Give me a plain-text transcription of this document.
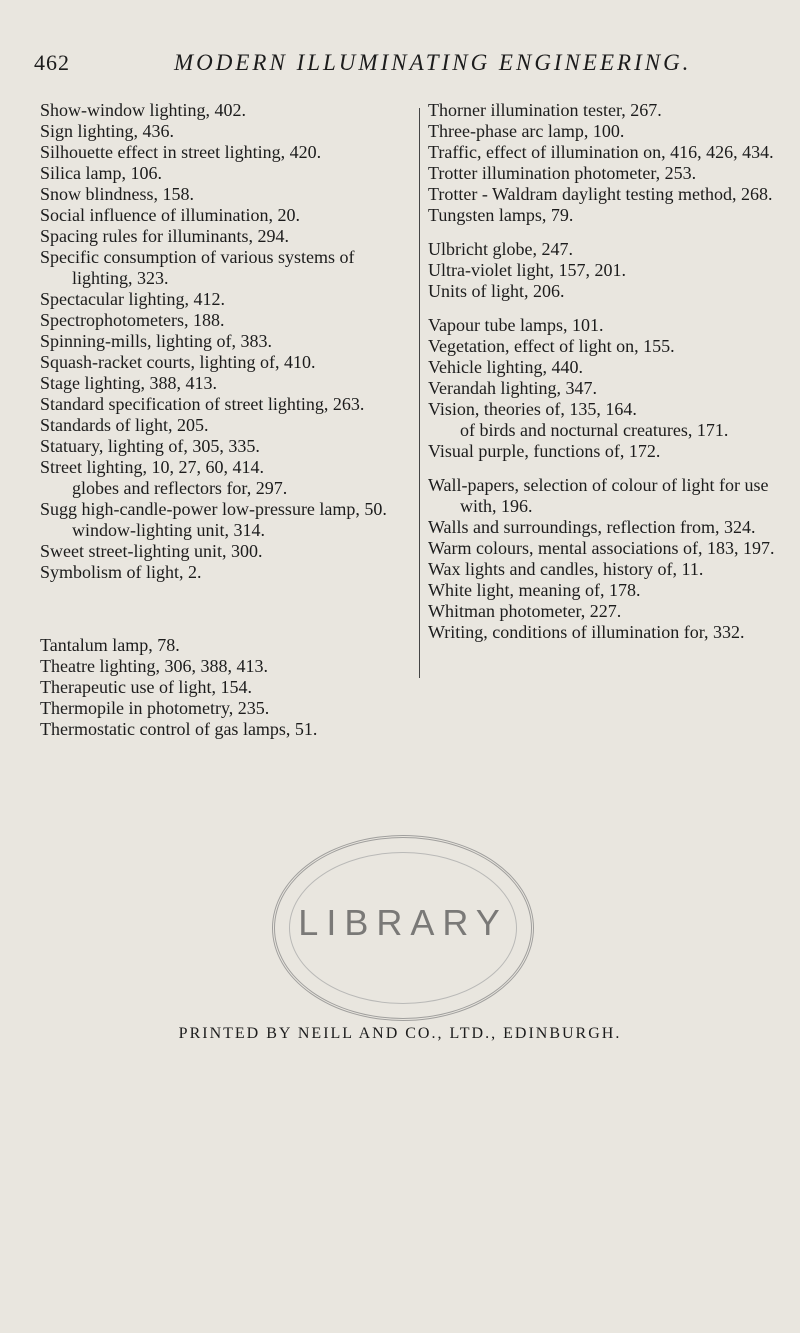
462	MODERN ILLUMINATING ENGINEERING.

Show-window lighting, 402.

Sign lighting, 436.

Silhouette effect in street lighting, 420.

Silica lamp, 106.

Snow blindness, 158.

Social influence of illumination, 20.

Spacing rules for illuminants, 294.

Specific consumption of various systems of lighting, 323.

Spectacular lighting, 412.

Spectrophotometers, 188.

Spinning-mills, lighting of, 383.

Squash-racket courts, lighting of, 410.

Stage lighting, 388, 413.

Standard specification of street lighting, 263.

Standards of light, 205.

Statuary, lighting of, 305, 335.

Street lighting, 10, 27, 60, 414.

globes and reflectors for, 297.

Sugg high-candle-power low-pressure lamp, 50.

window-lighting unit, 314.

Sweet street-lighting unit, 300.

Symbolism of light, 2.

Tantalum lamp, 78.

Theatre lighting, 306, 388, 413.

Therapeutic use of light, 154.

Thermopile in photometry, 235.

Thermostatic control of gas lamps, 51.

Thorner illumination tester, 267.

Three-phase arc lamp, 100.

Traffic, effect of illumination on, 416, 426, 434.

Trotter illumination photometer, 253.

Trotter - Waldram daylight testing method, 268.

Tungsten lamps, 79.

Ulbricht globe, 247.

Ultra-violet light, 157, 201.

Units of light, 206.

Vapour tube lamps, 101.

Vegetation, effect of light on, 155.

Vehicle lighting, 440.

Verandah lighting, 347.

Vision, theories of, 135, 164.

of birds and nocturnal creatures, 171.

Visual purple, functions of, 172.

Wall-papers, selection of colour of light for use with, 196.

Walls and surroundings, reflection from, 324.

Warm colours, mental associations of, 183, 197.

Wax lights and candles, history of, 11.

White light, meaning of, 178.

Whitman photometer, 227.

Writing, conditions of illumination for, 332.

LIBRARY
PRINTED BY NEILL AND CO., LTD., EDINBURGH.
